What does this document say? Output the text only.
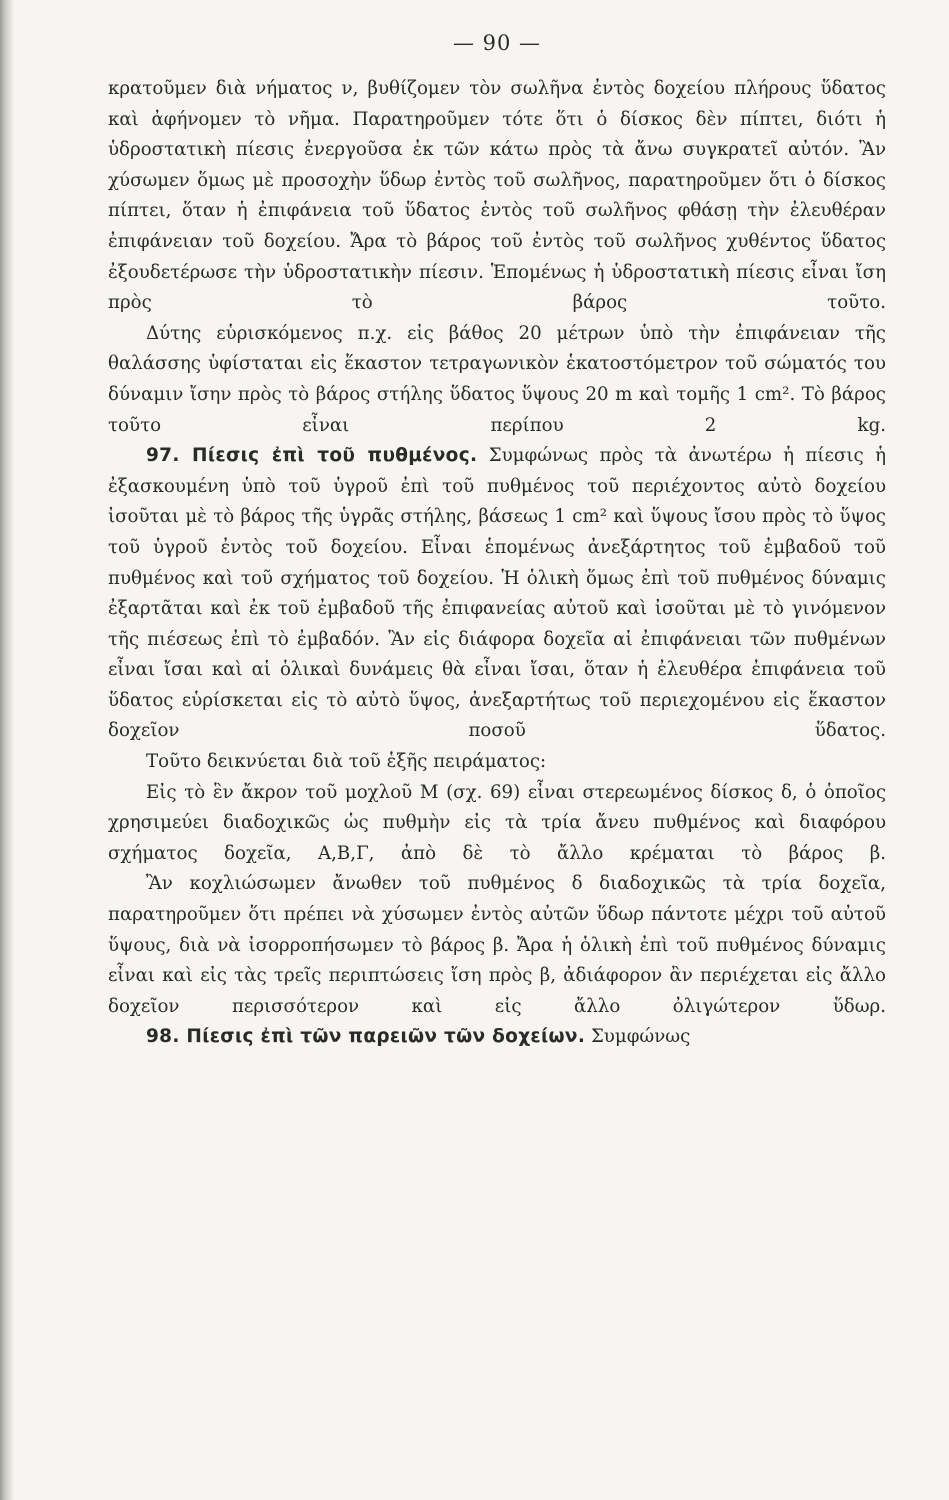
— 90 —

κρατοῦμεν διὰ νήματος ν, βυθίζομεν τὸν σωλῆνα ἐντὸς δοχείου πλήρους ὕδατος καὶ ἀφήνομεν τὸ νῆμα. Παρατηροῦμεν τότε ὅτι ὁ δίσκος δὲν πίπτει, διότι ἡ ὑδροστατικὴ πίεσις ἐνεργοῦσα ἐκ τῶν κάτω πρὸς τὰ ἄνω συγκρατεῖ αὐτόν. Ἂν χύσωμεν ὅμως μὲ προσοχὴν ὕδωρ ἐντὸς τοῦ σωλῆνος, παρατηροῦμεν ὅτι ὁ δίσκος πίπτει, ὅταν ἡ ἐπιφάνεια τοῦ ὕδατος ἐντὸς τοῦ σωλῆνος φθάσῃ τὴν ἐλευθέραν ἐπιφάνειαν τοῦ δοχείου. Ἄρα τὸ βάρος τοῦ ἐντὸς τοῦ σωλῆνος χυθέντος ὕδατος ἐξουδετέρωσε τὴν ὑδροστατικὴν πίεσιν. Ἑπομένως ἡ ὑδροστατικὴ πίεσις εἶναι ἴση πρὸς τὸ βάρος τοῦτο.

Δύτης εὑρισκόμενος π.χ. εἰς βάθος 20 μέτρων ὑπὸ τὴν ἐπιφάνειαν τῆς θαλάσσης ὑφίσταται εἰς ἕκαστον τετραγωνικὸν ἑκατοστόμετρον τοῦ σώματός του δύναμιν ἴσην πρὸς τὸ βάρος στήλης ὕδατος ὕψους 20 m καὶ τομῆς 1 cm². Τὸ βάρος τοῦτο εἶναι περίπου 2 kg.

97. Πίεσις ἐπὶ τοῦ πυθμένος. Συμφώνως πρὸς τὰ ἀνωτέρω ἡ πίεσις ἡ ἐξασκουμένη ὑπὸ τοῦ ὑγροῦ ἐπὶ τοῦ πυθμένος τοῦ περιέχοντος αὐτὸ δοχείου ἰσοῦται μὲ τὸ βάρος τῆς ὑγρᾶς στήλης, βάσεως 1 cm² καὶ ὕψους ἴσου πρὸς τὸ ὕψος τοῦ ὑγροῦ ἐντὸς τοῦ δοχείου. Εἶναι ἑπομένως ἀνεξάρτητος τοῦ ἐμβαδοῦ τοῦ πυθμένος καὶ τοῦ σχήματος τοῦ δοχείου. Ἡ ὁλικὴ ὅμως ἐπὶ τοῦ πυθμένος δύναμις ἐξαρτᾶται καὶ ἐκ τοῦ ἐμβαδοῦ τῆς ἐπιφανείας αὐτοῦ καὶ ἰσοῦται μὲ τὸ γινόμενον τῆς πιέσεως ἐπὶ τὸ ἐμβαδόν. Ἂν εἰς διάφορα δοχεῖα αἱ ἐπιφάνειαι τῶν πυθμένων εἶναι ἴσαι καὶ αἱ ὁλικαὶ δυνάμεις θὰ εἶναι ἴσαι, ὅταν ἡ ἐλευθέρα ἐπιφάνεια τοῦ ὕδατος εὑρίσκεται εἰς τὸ αὐτὸ ὕψος, ἀνεξαρτήτως τοῦ περιεχομένου εἰς ἕκαστον δοχεῖον ποσοῦ ὕδατος.

Τοῦτο δεικνύεται διὰ τοῦ ἑξῆς πειράματος:

Εἰς τὸ ἓν ἄκρον τοῦ μοχλοῦ Μ (σχ. 69) εἶναι στερεωμένος δίσκος δ, ὁ ὁποῖος χρησιμεύει διαδοχικῶς ὡς πυθμὴν εἰς τὰ τρία ἄνευ πυθμένος καὶ διαφόρου σχήματος δοχεῖα, Α,Β,Γ, ἀπὸ δὲ τὸ ἄλλο κρέμαται τὸ βάρος β.

Ἂν κοχλιώσωμεν ἄνωθεν τοῦ πυθμένος δ διαδοχικῶς τὰ τρία δοχεῖα, παρατηροῦμεν ὅτι πρέπει νὰ χύσωμεν ἐντὸς αὐτῶν ὕδωρ πάντοτε μέχρι τοῦ αὐτοῦ ὕψους, διὰ νὰ ἰσορροπήσωμεν τὸ βάρος β. Ἄρα ἡ ὁλικὴ ἐπὶ τοῦ πυθμένος δύναμις εἶναι καὶ εἰς τὰς τρεῖς περιπτώσεις ἴση πρὸς β, ἀδιάφορον ἂν περιέχεται εἰς ἄλλο δοχεῖον περισσότερον καὶ εἰς ἄλλο ὀλιγώτερον ὕδωρ.

98. Πίεσις ἐπὶ τῶν παρειῶν τῶν δοχείων. Συμφώνως
